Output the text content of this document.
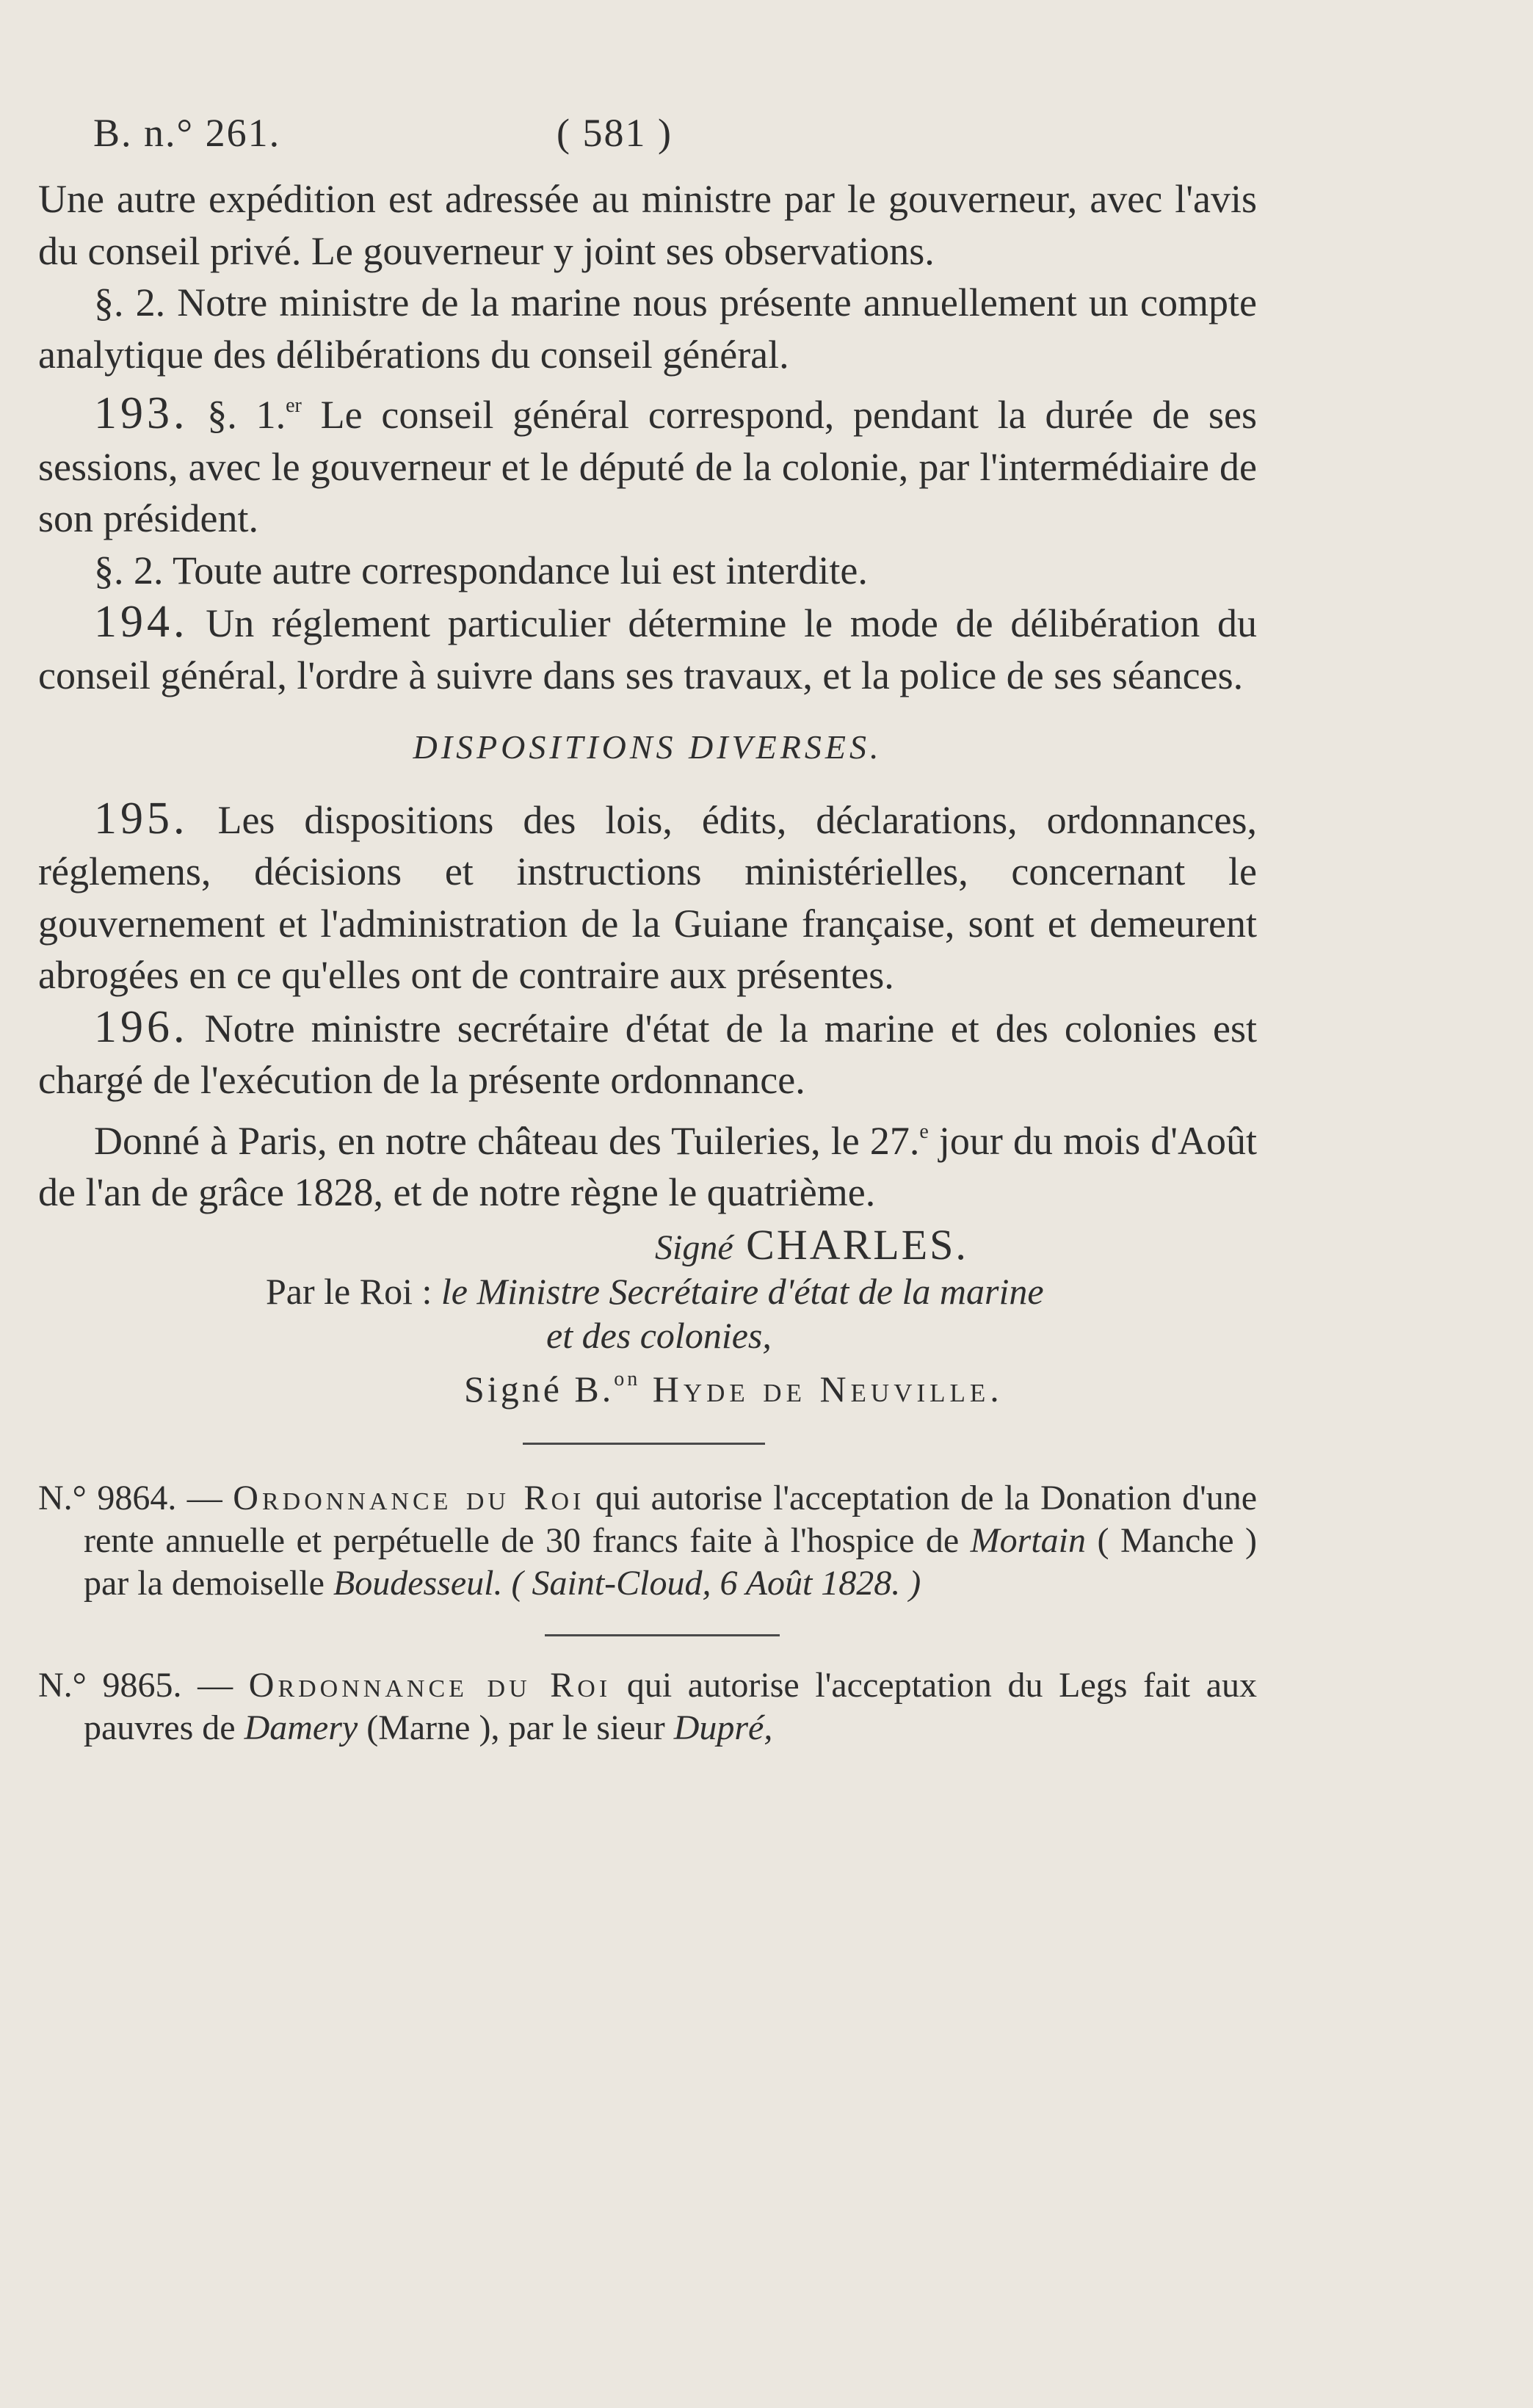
B. n.° 261.	( 581 )

Une autre expédition est adressée au ministre par le gouverneur, avec l'avis du conseil privé. Le gouverneur y joint ses observations.

§. 2. Notre ministre de la marine nous présente annuellement un compte analytique des délibérations du conseil général.

193. §. 1.$^{er}$ Le conseil général correspond, pendant la durée de ses sessions, avec le gouverneur et le député de la colonie, par l'intermédiaire de son président.

§. 2. Toute autre correspondance lui est interdite.

194. Un réglement particulier détermine le mode de délibération du conseil général, l'ordre à suivre dans ses travaux, et la police de ses séances.

DISPOSITIONS DIVERSES.

195. Les dispositions des lois, édits, déclarations, ordonnances, réglemens, décisions et instructions ministérielles, concernant le gouvernement et l'administration de la Guiane française, sont et demeurent abrogées en ce qu'elles ont de contraire aux présentes.

196. Notre ministre secrétaire d'état de la marine et des colonies est chargé de l'exécution de la présente ordonnance.

Donné à Paris, en notre château des Tuileries, le 27.$^e$ jour du mois d'Août de l'an de grâce 1828, et de notre règne le quatrième.

Signé CHARLES.
Par le Roi : le Ministre Secrétaire d'état de la marine
et des colonies,
Signé B.$^{on}$ Hyde de Neuville.
N.° 9864. — Ordonnance du Roi qui autorise l'acceptation de la Donation d'une rente annuelle et perpétuelle de 30 francs faite à l'hospice de Mortain ( Manche ) par la demoiselle Boudesseul. ( Saint-Cloud, 6 Août 1828. )
N.° 9865. — Ordonnance du Roi qui autorise l'acceptation du Legs fait aux pauvres de Damery (Marne ), par le sieur Dupré,
